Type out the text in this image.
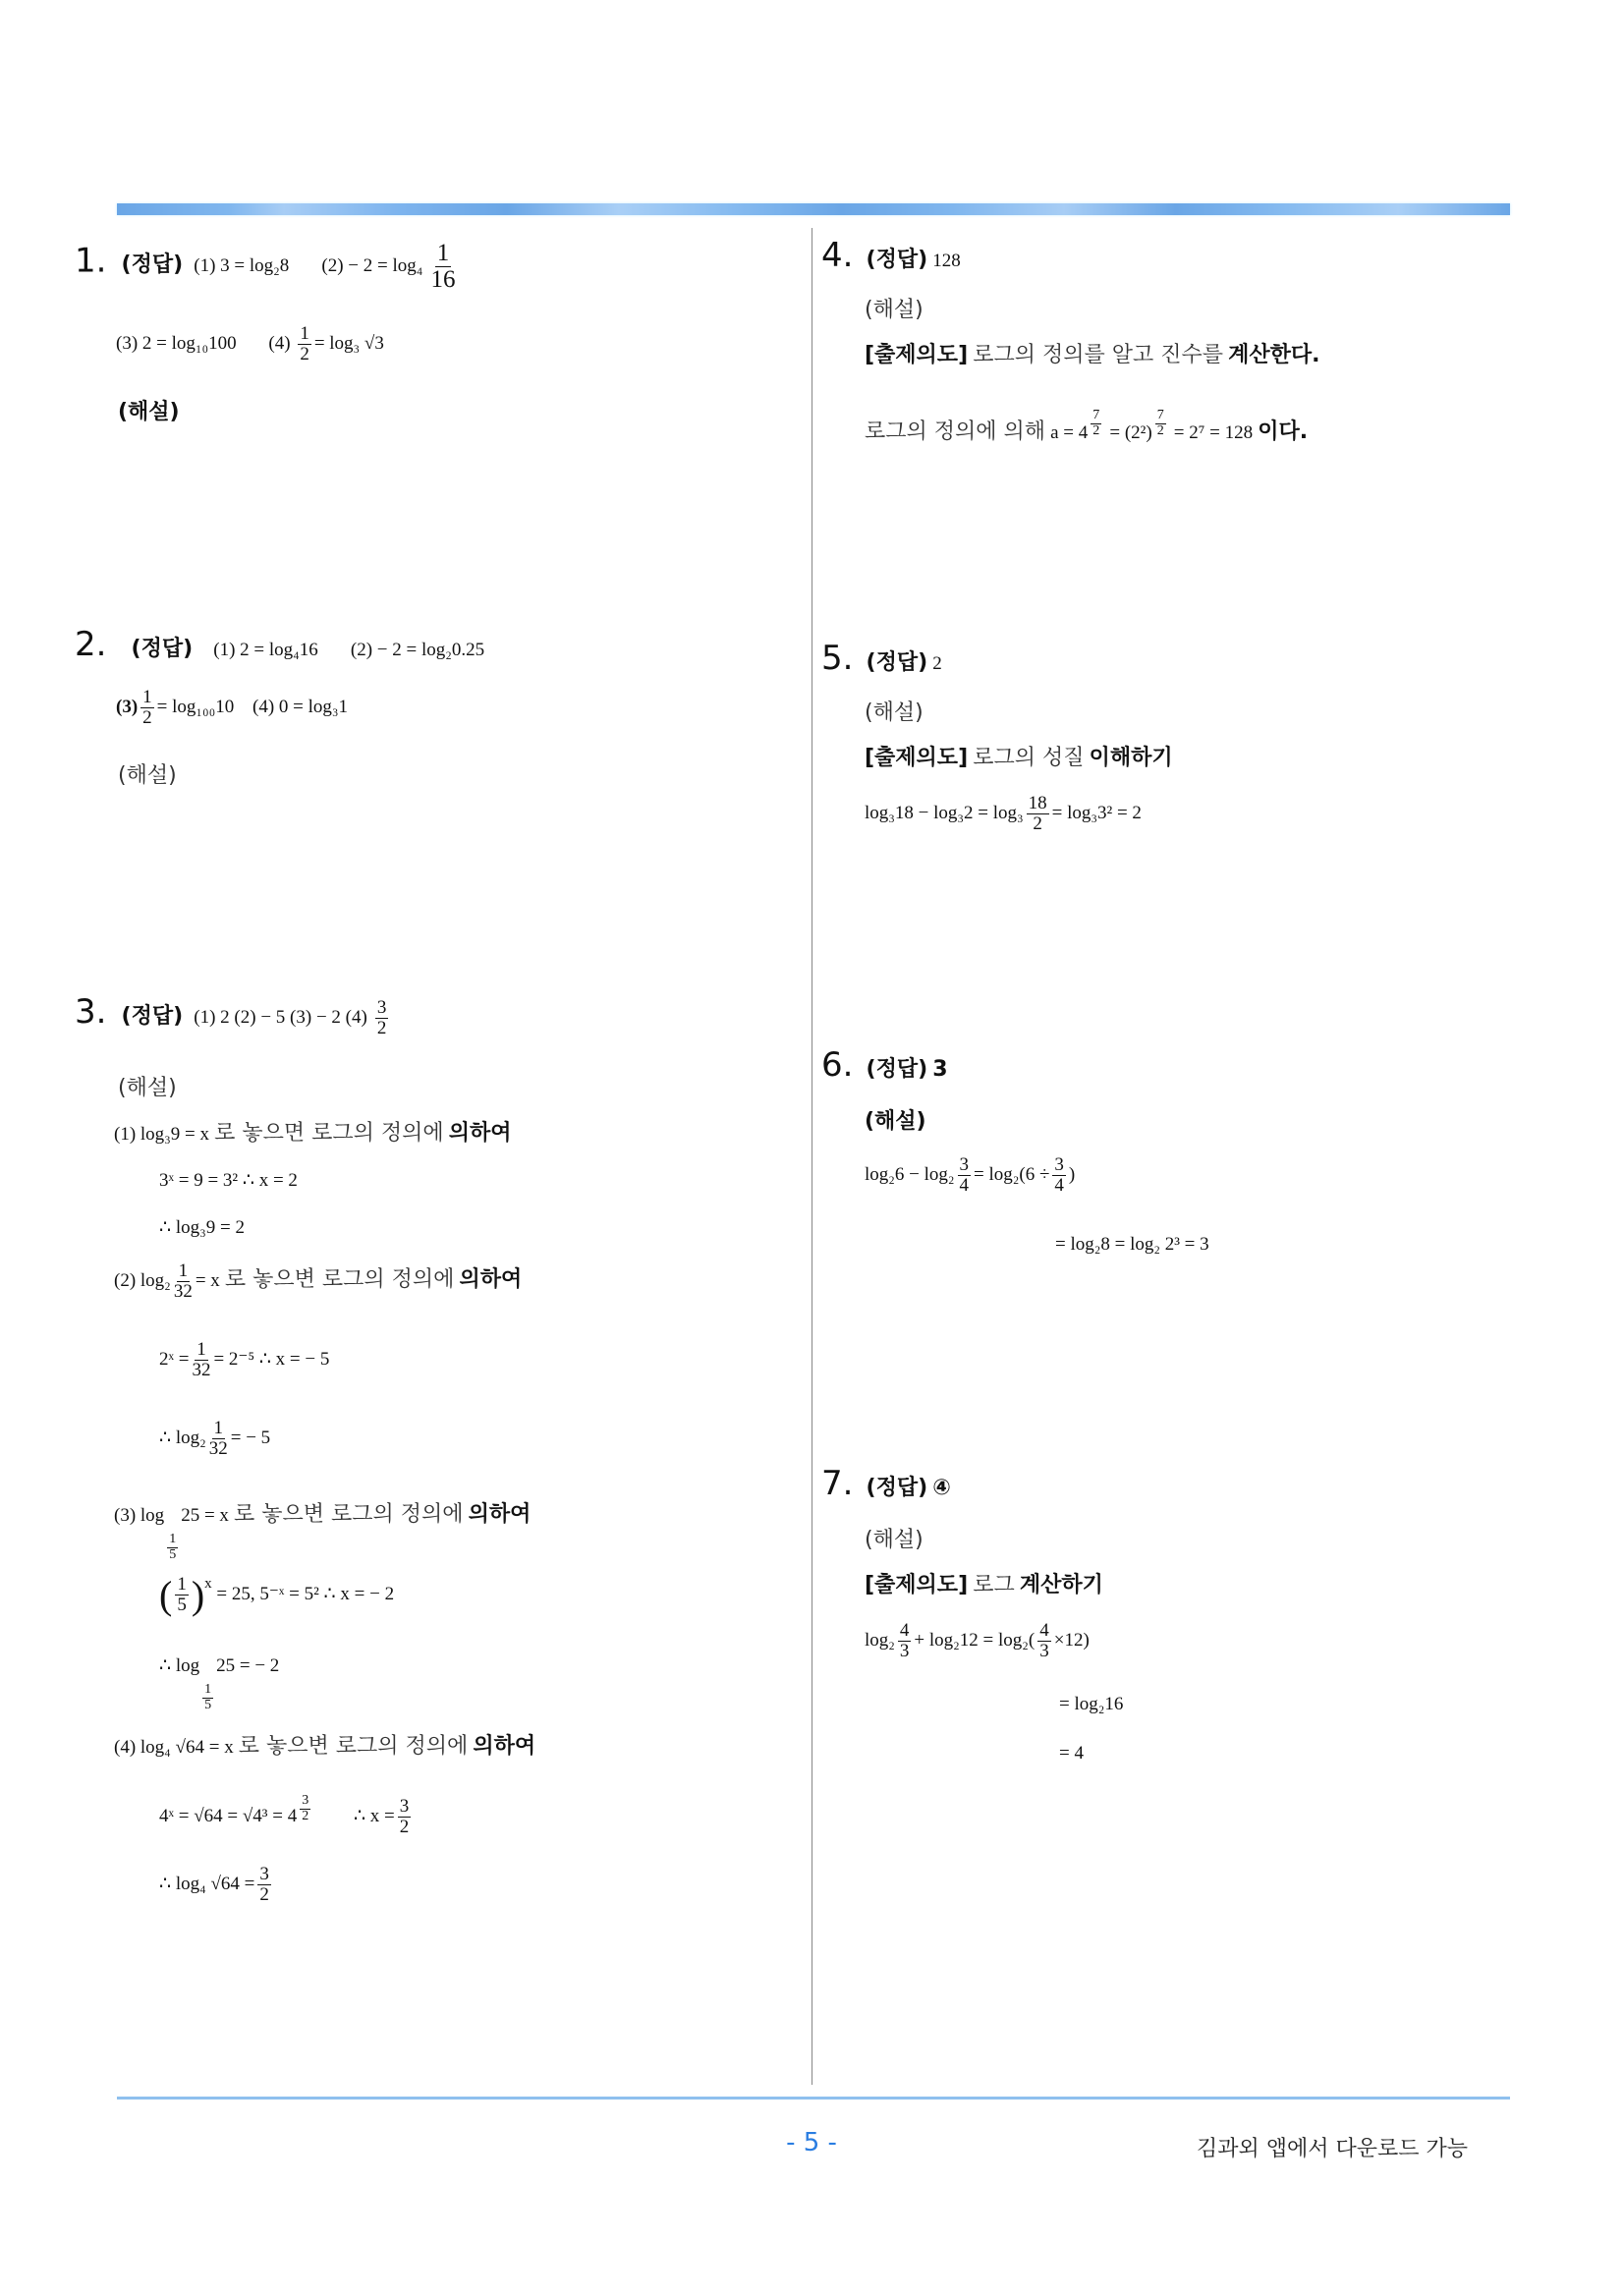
1. (정답) (1) 3 = log₂8 $(2) - 2 = \log_4 \frac{1}{16}$
(3) 2 = log₁₀100 $(4) \frac{1}{2} = \log_3$ √3
(해설)
2. (정답) (1) 2 = log₄16 (2) − 2 = log₂0.25
$(3) \frac{1}{2} = \log_{100}10$ (4) 0 = log₃1
(해설)
3. (정답) (1) 2 (2) − 5 (3) − 2 $(4) \frac{3}{2}$
(해설)
(1) log₃9 = x 로 놓으면 로그의 정의에 의하여
3ˣ = 9 = 3² ∴ x = 2
∴ log₃9 = 2
(2) $\log_2 \frac{1}{32} = x$ 로 놓으변 로그의 정의에 의하여
2ˣ = $\frac{1}{32} = 2^{-5}$ ∴ x = − 5
∴ $\log_2 \frac{1}{32}$ = − 5
(3) log
$\frac{1}{5}$
25 = x 로 놓으변 로그의 정의에 의하여
( $\frac{1}{5} )^x = 25$, 5⁻ˣ = 5² ∴ x = − 2
∴ log
$\frac{1}{5}$
25 = − 2
(4) log₄ √64 = x 로 놓으변 로그의 정의에 의하여
4ˣ = $√64 = √4^3 = 4 \frac{3}{2}$ ∴ $x = \frac{3}{2}$
∴ log₄ $√64 = \frac{3}{2}$
4. (정답) 128
(해설)
[출제의도] 로그의 정의를 알고 진수를 계산한다.
로그의 정의에 의해 $a = 4 \frac{7}{2} = (2^2) \frac{7}{2} = 2^7 = 128$ 이다.
5. (정답) 2
(해설)
[출제의도] 로그의 성질 이해하기
$\log_318 - \log_32 = \log_3 \frac{18}{2} = \log_33^2 = 2$
6. (정답) 3
(해설)
$\log_26 - \log_2 \frac{3}{4} = \log_2(6 \div \frac{3}{4}$ )
= log₂8 = log₂ 2³ = 3
7. (정답) ④
(해설)
[출제의도] 로그 계산하기
$\log_2 \frac{4}{3} + \log_212 = \log_2( \frac{4}{3} \times 12)$
= log₂16
= 4
- 5 -	김과외 앱에서 다운로드 가능
